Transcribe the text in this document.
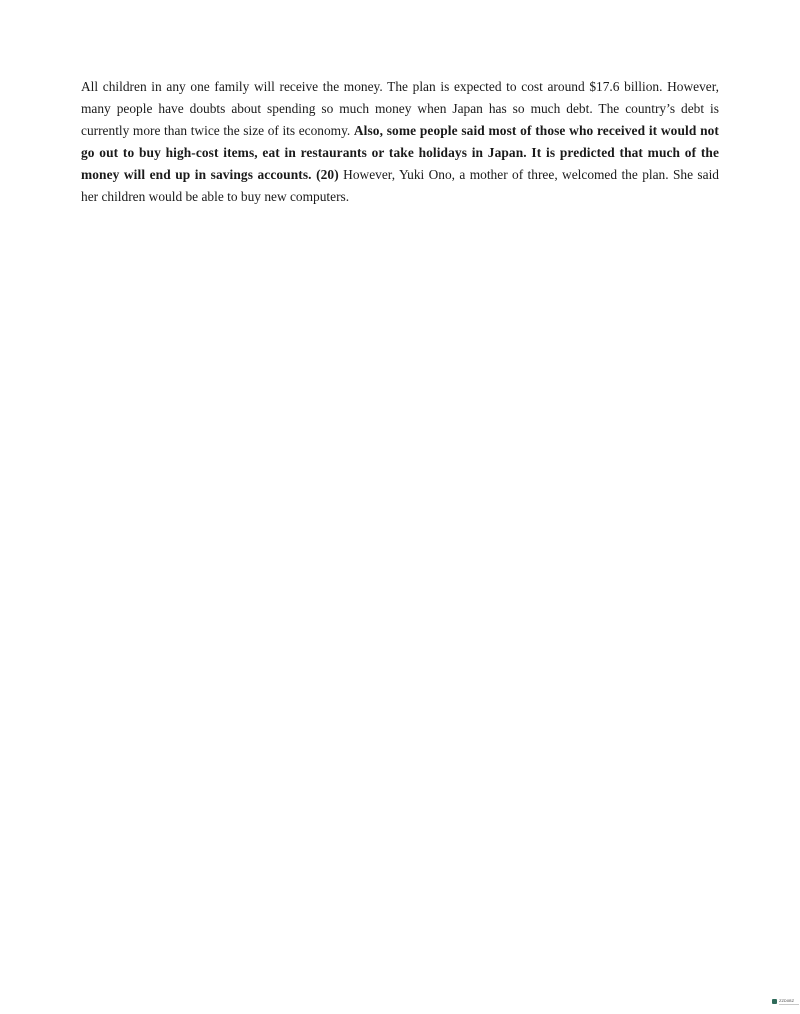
All children in any one family will receive the money. The plan is expected to cost around $17.6 billion. However, many people have doubts about spending so much money when Japan has so much debt. The country’s debt is currently more than twice the size of its economy. Also, some people said most of those who received it would not go out to buy high-cost items, eat in restaurants or take holidays in Japan. It is predicted that much of the money will end up in savings accounts. (20) However, Yuki Ono, a mother of three, welcomed the plan. She said her children would be able to buy new computers.

ZZDXBZ
